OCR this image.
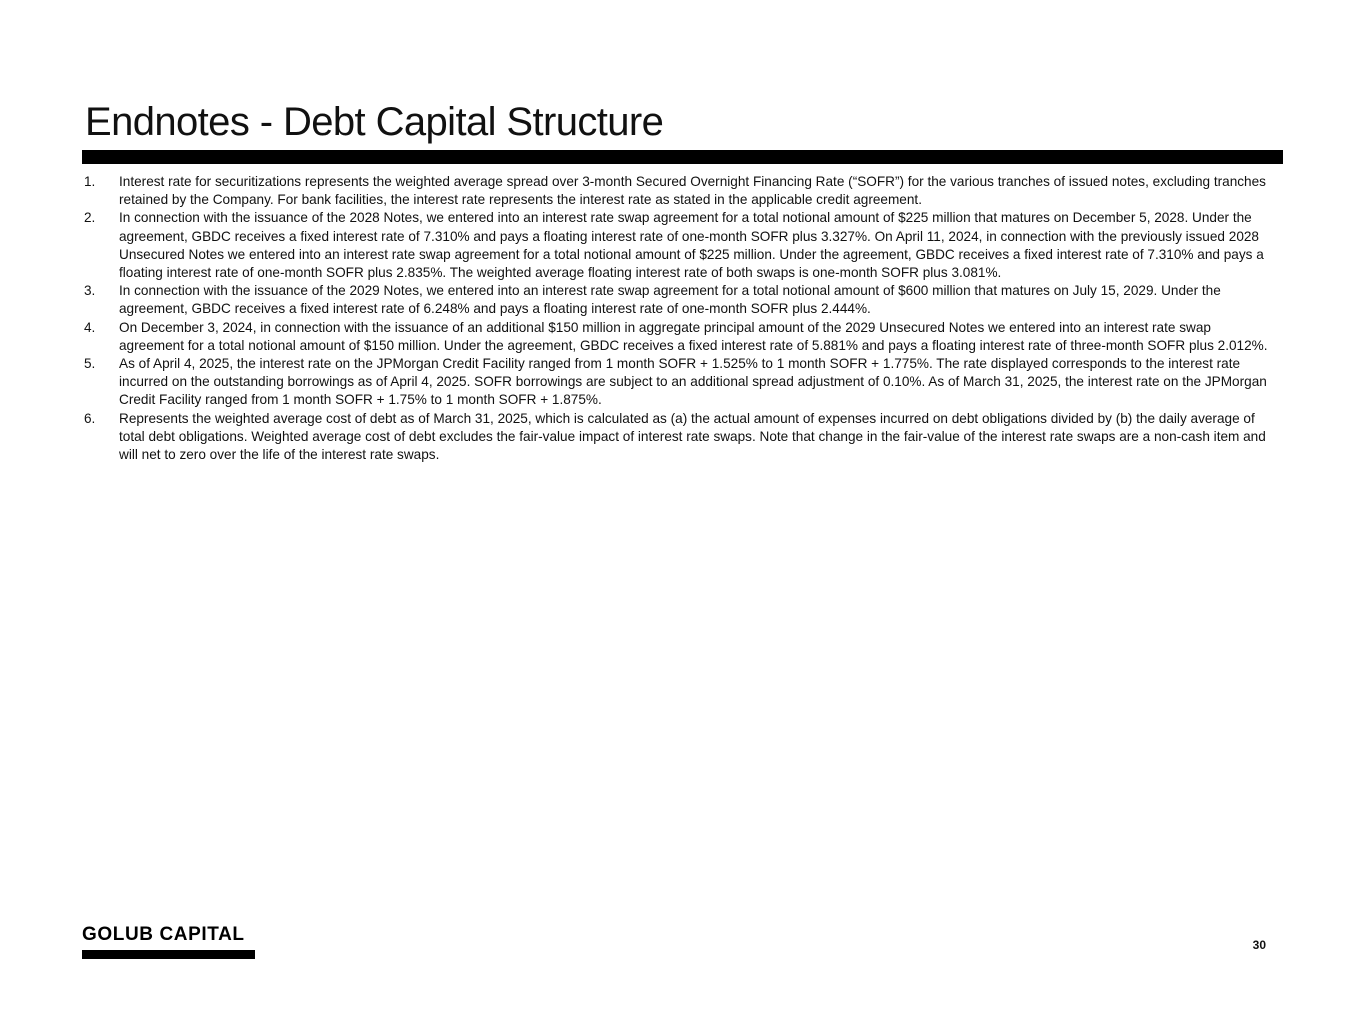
Endnotes - Debt Capital Structure
1.	Interest rate for securitizations represents the weighted average spread over 3-month Secured Overnight Financing Rate (“SOFR”) for the various tranches of issued notes, excluding tranches retained by the Company. For bank facilities, the interest rate represents the interest rate as stated in the applicable credit agreement.
2.	In connection with the issuance of the 2028 Notes, we entered into an interest rate swap agreement for a total notional amount of $225 million that matures on December 5, 2028. Under the agreement, GBDC receives a fixed interest rate of 7.310% and pays a floating interest rate of one-month SOFR plus 3.327%. On April 11, 2024, in connection with the previously issued 2028 Unsecured Notes we entered into an interest rate swap agreement for a total notional amount of $225 million. Under the agreement, GBDC receives a fixed interest rate of 7.310% and pays a floating interest rate of one-month SOFR plus 2.835%. The weighted average floating interest rate of both swaps is one-month SOFR plus 3.081%.
3.	In connection with the issuance of the 2029 Notes, we entered into an interest rate swap agreement for a total notional amount of $600 million that matures on July 15, 2029. Under the agreement, GBDC receives a fixed interest rate of 6.248% and pays a floating interest rate of one-month SOFR plus 2.444%.
4.	On December 3, 2024, in connection with the issuance of an additional $150 million in aggregate principal amount of the 2029 Unsecured Notes we entered into an interest rate swap agreement for a total notional amount of $150 million. Under the agreement, GBDC receives a fixed interest rate of 5.881% and pays a floating interest rate of three-month SOFR plus 2.012%.
5.	As of April 4, 2025, the interest rate on the JPMorgan Credit Facility ranged from 1 month SOFR + 1.525% to 1 month SOFR + 1.775%. The rate displayed corresponds to the interest rate incurred on the outstanding borrowings as of April 4, 2025. SOFR borrowings are subject to an additional spread adjustment of 0.10%. As of March 31, 2025, the interest rate on the JPMorgan Credit Facility ranged from 1 month SOFR + 1.75% to 1 month SOFR + 1.875%.
6.	Represents the weighted average cost of debt as of March 31, 2025, which is calculated as (a) the actual amount of expenses incurred on debt obligations divided by (b) the daily average of total debt obligations. Weighted average cost of debt excludes the fair-value impact of interest rate swaps. Note that change in the fair-value of the interest rate swaps are a non-cash item and will net to zero over the life of the interest rate swaps.
GOLUB CAPITAL	30
